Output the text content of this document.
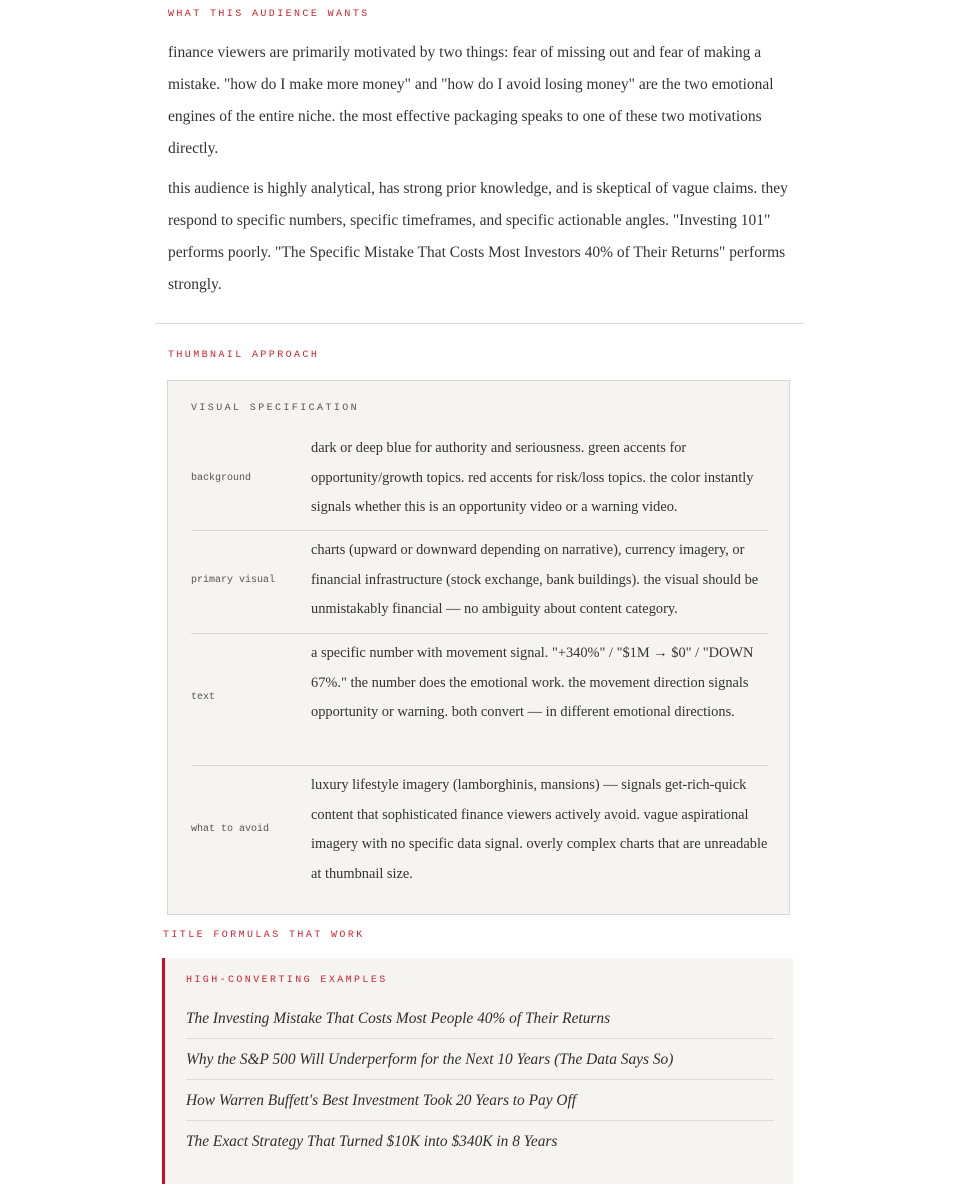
WHAT THIS AUDIENCE WANTS

finance viewers are primarily motivated by two things: fear of missing out and fear of making a mistake. "how do I make more money" and "how do I avoid losing money" are the two emotional engines of the entire niche. the most effective packaging speaks to one of these two motivations directly.

this audience is highly analytical, has strong prior knowledge, and is skeptical of vague claims. they respond to specific numbers, specific timeframes, and specific actionable angles. "Investing 101" performs poorly. "The Specific Mistake That Costs Most Investors 40% of Their Returns" performs strongly.

THUMBNAIL APPROACH

VISUAL SPECIFICATION

background

dark or deep blue for authority and seriousness. green accents for opportunity/growth topics. red accents for risk/loss topics. the color instantly signals whether this is an opportunity video or a warning video.

primary visual

charts (upward or downward depending on narrative), currency imagery, or financial infrastructure (stock exchange, bank buildings). the visual should be unmistakably financial — no ambiguity about content category.

text

a specific number with movement signal. "+340%" / "$1M → $0" / "DOWN 67%." the number does the emotional work. the movement direction signals opportunity or warning. both convert — in different emotional directions.

what to avoid

luxury lifestyle imagery (lamborghinis, mansions) — signals get-rich-quick content that sophisticated finance viewers actively avoid. vague aspirational imagery with no specific data signal. overly complex charts that are unreadable at thumbnail size.

TITLE FORMULAS THAT WORK

HIGH-CONVERTING EXAMPLES

The Investing Mistake That Costs Most People 40% of Their Returns
Why the S&P 500 Will Underperform for the Next 10 Years (The Data Says So)
How Warren Buffett's Best Investment Took 20 Years to Pay Off
The Exact Strategy That Turned $10K into $340K in 8 Years
